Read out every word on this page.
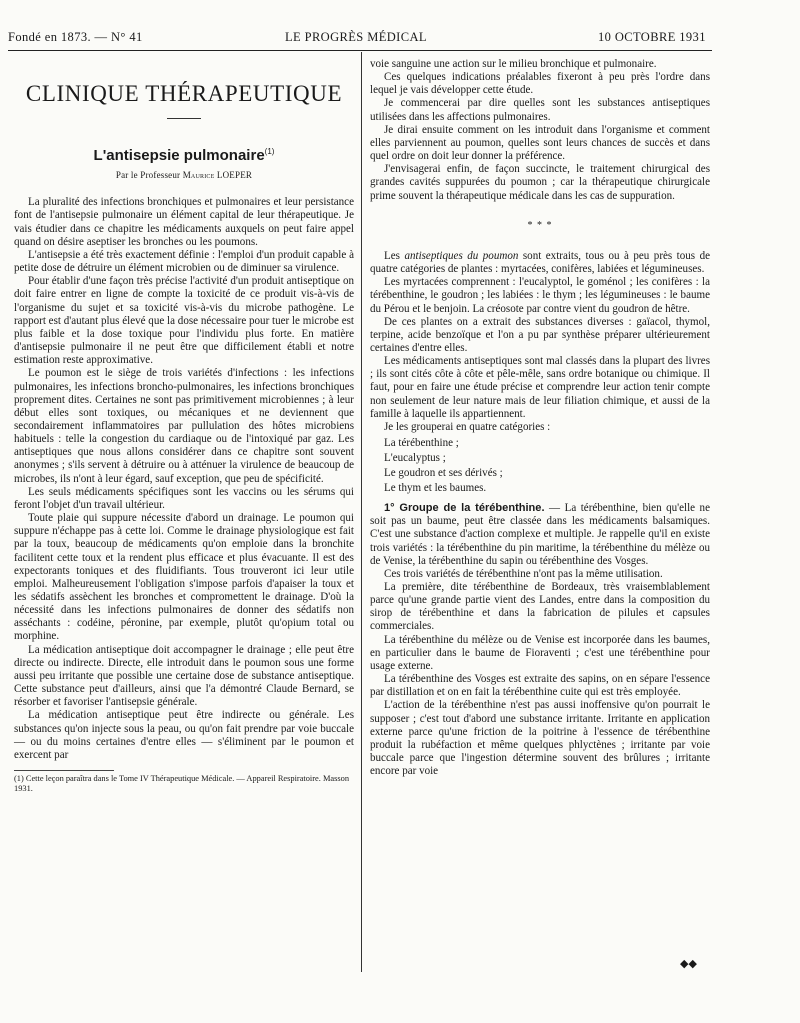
Fondé en 1873. — N° 41	LE PROGRÈS MÉDICAL	10 OCTOBRE 1931
CLINIQUE THÉRAPEUTIQUE
L'antisepsie pulmonaire$^{(1)}$
Par le Professeur Maurice LOEPER

La pluralité des infections bronchiques et pulmonaires et leur persistance font de l'antisepsie pulmonaire un élément capital de leur thérapeutique. Je vais étudier dans ce chapitre les médicaments auxquels on peut faire appel quand on désire aseptiser les bronches ou les poumons.

L'antisepsie a été très exactement définie : l'emploi d'un produit capable à petite dose de détruire un élément microbien ou de diminuer sa virulence.

Pour établir d'une façon très précise l'activité d'un produit antiseptique on doit faire entrer en ligne de compte la toxicité de ce produit vis-à-vis de l'organisme du sujet et sa toxicité vis-à-vis du microbe pathogène. Le rapport est d'autant plus élevé que la dose nécessaire pour tuer le microbe est plus faible et la dose toxique pour l'individu plus forte. En matière d'antisepsie pulmonaire il ne peut être que difficilement établi et notre estimation reste approximative.

Le poumon est le siège de trois variétés d'infections : les infections pulmonaires, les infections broncho-pulmonaires, les infections bronchiques proprement dites. Certaines ne sont pas primitivement microbiennes ; à leur début elles sont toxiques, ou mécaniques et ne deviennent que secondairement inflammatoires par pullulation des hôtes microbiens habituels : telle la congestion du cardiaque ou de l'intoxiqué par gaz. Les antiseptiques que nous allons considérer dans ce chapitre sont souvent anonymes ; s'ils servent à détruire ou à atténuer la virulence de beaucoup de microbes, ils n'ont à leur égard, sauf exception, que peu de spécificité.

Les seuls médicaments spécifiques sont les vaccins ou les sérums qui feront l'objet d'un travail ultérieur.

Toute plaie qui suppure nécessite d'abord un drainage. Le poumon qui suppure n'échappe pas à cette loi. Comme le drainage physiologique est fait par la toux, beaucoup de médicaments qu'on emploie dans la bronchite facilitent cette toux et la rendent plus efficace et plus évacuante. Il est des expectorants toniques et des fluidifiants. Tous trouveront ici leur utile emploi. Malheureusement l'obligation s'impose parfois d'apaiser la toux et les sédatifs assèchent les bronches et compromettent le drainage. D'où la nécessité dans les infections pulmonaires de donner des sédatifs non asséchants : codéine, péronine, par exemple, plutôt qu'opium total ou morphine.

La médication antiseptique doit accompagner le drainage ; elle peut être directe ou indirecte. Directe, elle introduit dans le poumon sous une forme aussi peu irritante que possible une certaine dose de substance antiseptique. Cette substance peut d'ailleurs, ainsi que l'a démontré Claude Bernard, se résorber et favoriser l'antisepsie générale.

La médication antiseptique peut être indirecte ou générale. Les substances qu'on injecte sous la peau, ou qu'on fait prendre par voie buccale — ou du moins certaines d'entre elles — s'éliminent par le poumon et exercent par

(1) Cette leçon paraîtra dans le Tome IV Thérapeutique Médicale. — Appareil Respiratoire. Masson 1931.

voie sanguine une action sur le milieu bronchique et pulmonaire.

Ces quelques indications préalables fixeront à peu près l'ordre dans lequel je vais développer cette étude.

Je commencerai par dire quelles sont les substances antiseptiques utilisées dans les affections pulmonaires.

Je dirai ensuite comment on les introduit dans l'organisme et comment elles parviennent au poumon, quelles sont leurs chances de succès et dans quel ordre on doit leur donner la préférence.

J'envisagerai enfin, de façon succincte, le traitement chirurgical des grandes cavités suppurées du poumon ; car la thérapeutique chirurgicale prime souvent la thérapeutique médicale dans les cas de suppuration.

* * *

Les antiseptiques du poumon sont extraits, tous ou à peu près tous de quatre catégories de plantes : myrtacées, conifères, labiées et légumineuses.

Les myrtacées comprennent : l'eucalyptol, le goménol ; les conifères : la térébenthine, le goudron ; les labiées : le thym ; les légumineuses : le baume du Pérou et le benjoin. La créosote par contre vient du goudron de hêtre.

De ces plantes on a extrait des substances diverses : gaïacol, thymol, terpine, acide benzoïque et l'on a pu par synthèse préparer ultérieurement certaines d'entre elles.

Les médicaments antiseptiques sont mal classés dans la plupart des livres ; ils sont cités côte à côte et pêle-mêle, sans ordre botanique ou chimique. Il faut, pour en faire une étude précise et comprendre leur action tenir compte non seulement de leur nature mais de leur filiation chimique, et aussi de la famille à laquelle ils appartiennent.

Je les grouperai en quatre catégories :

La térébenthine ;
L'eucalyptus ;
Le goudron et ses dérivés ;
Le thym et les baumes.

1° Groupe de la térébenthine. — La térébenthine, bien qu'elle ne soit pas un baume, peut être classée dans les médicaments balsamiques. C'est une substance d'action complexe et multiple. Je rappelle qu'il en existe trois variétés : la térébenthine du pin maritime, la térébenthine du mélèze ou de Venise, la térébenthine du sapin ou térébenthine des Vosges.

Ces trois variétés de térébenthine n'ont pas la même utilisation.

La première, dite térébenthine de Bordeaux, très vraisemblablement parce qu'une grande partie vient des Landes, entre dans la composition du sirop de térébenthine et dans la fabrication de pilules et capsules commerciales.

La térébenthine du mélèze ou de Venise est incorporée dans les baumes, en particulier dans le baume de Fioraventi ; c'est une térébenthine pour usage externe.

La térébenthine des Vosges est extraite des sapins, on en sépare l'essence par distillation et on en fait la térébenthine cuite qui est très employée.

L'action de la térébenthine n'est pas aussi inoffensive qu'on pourrait le supposer ; c'est tout d'abord une substance irritante. Irritante en application externe parce qu'une friction de la poitrine à l'essence de térébenthine produit la rubéfaction et même quelques phlyctènes ; irritante par voie buccale parce que l'ingestion détermine souvent des brûlures ; irritante encore par voie

◆◆
